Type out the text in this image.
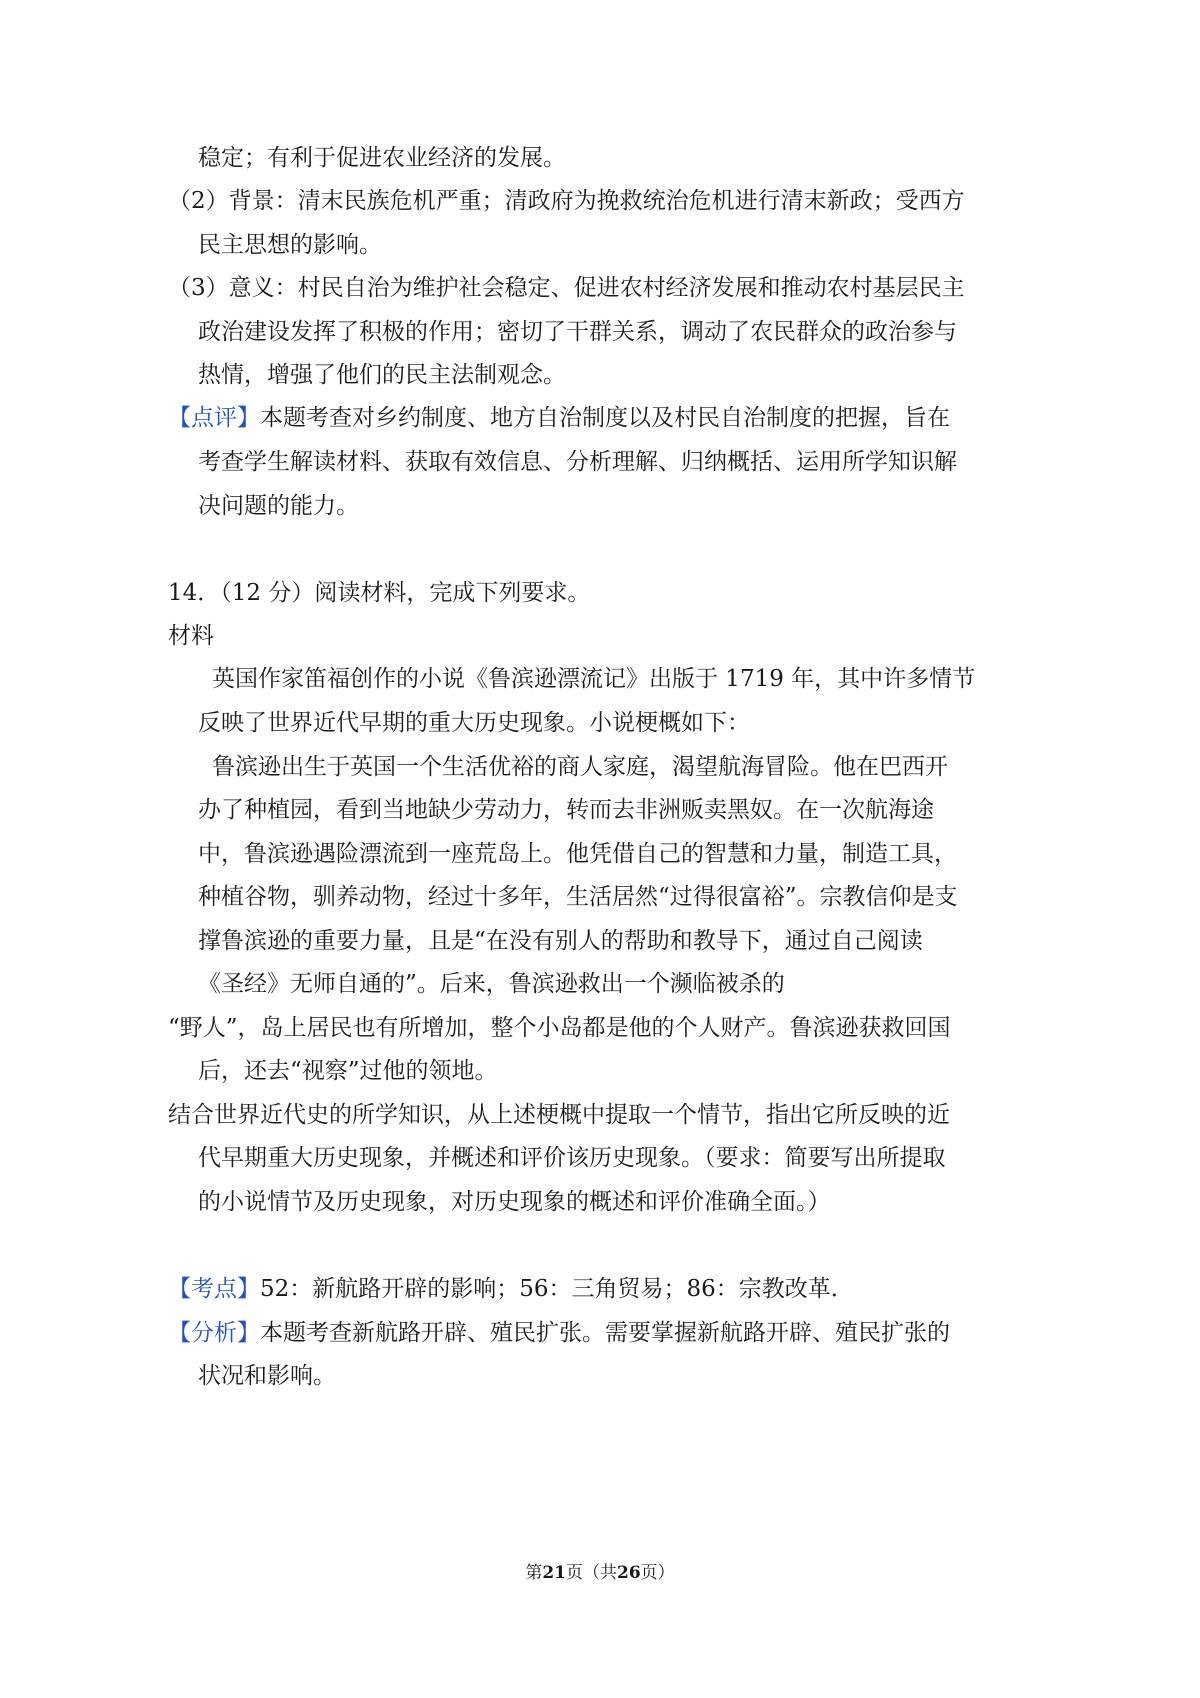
稳定；有利于促进农业经济的发展。
（2）背景：清末民族危机严重；清政府为挽救统治危机进行清末新政；受西方
民主思想的影响。
（3）意义：村民自治为维护社会稳定、促进农村经济发展和推动农村基层民主
政治建设发挥了积极的作用；密切了干群关系，调动了农民群众的政治参与
热情，增强了他们的民主法制观念。
【点评】本题考查对乡约制度、地方自治制度以及村民自治制度的把握，旨在
考查学生解读材料、获取有效信息、分析理解、归纳概括、运用所学知识解
决问题的能力。
14．（12 分）阅读材料，完成下列要求。
材料
英国作家笛福创作的小说《鲁滨逊漂流记》出版于 1719 年，其中许多情节
反映了世界近代早期的重大历史现象。小说梗概如下：
鲁滨逊出生于英国一个生活优裕的商人家庭，渴望航海冒险。他在巴西开
办了种植园，看到当地缺少劳动力，转而去非洲贩卖黑奴。在一次航海途
中，鲁滨逊遇险漂流到一座荒岛上。他凭借自己的智慧和力量，制造工具，
种植谷物，驯养动物，经过十多年，生活居然“过得很富裕”。宗教信仰是支
撑鲁滨逊的重要力量，且是“在没有别人的帮助和教导下，通过自己阅读
《圣经》无师自通的”。后来，鲁滨逊救出一个濒临被杀的
“野人”，岛上居民也有所增加，整个小岛都是他的个人财产。鲁滨逊获救回国
后，还去“视察”过他的领地。
结合世界近代史的所学知识，从上述梗概中提取一个情节，指出它所反映的近
代早期重大历史现象，并概述和评价该历史现象。（要求：简要写出所提取
的小说情节及历史现象，对历史现象的概述和评价准确全面。）
【考点】52：新航路开辟的影响；56：三角贸易；86：宗教改革．
【分析】本题考查新航路开辟、殖民扩张。需要掌握新航路开辟、殖民扩张的
状况和影响。
第21页（共26页）
